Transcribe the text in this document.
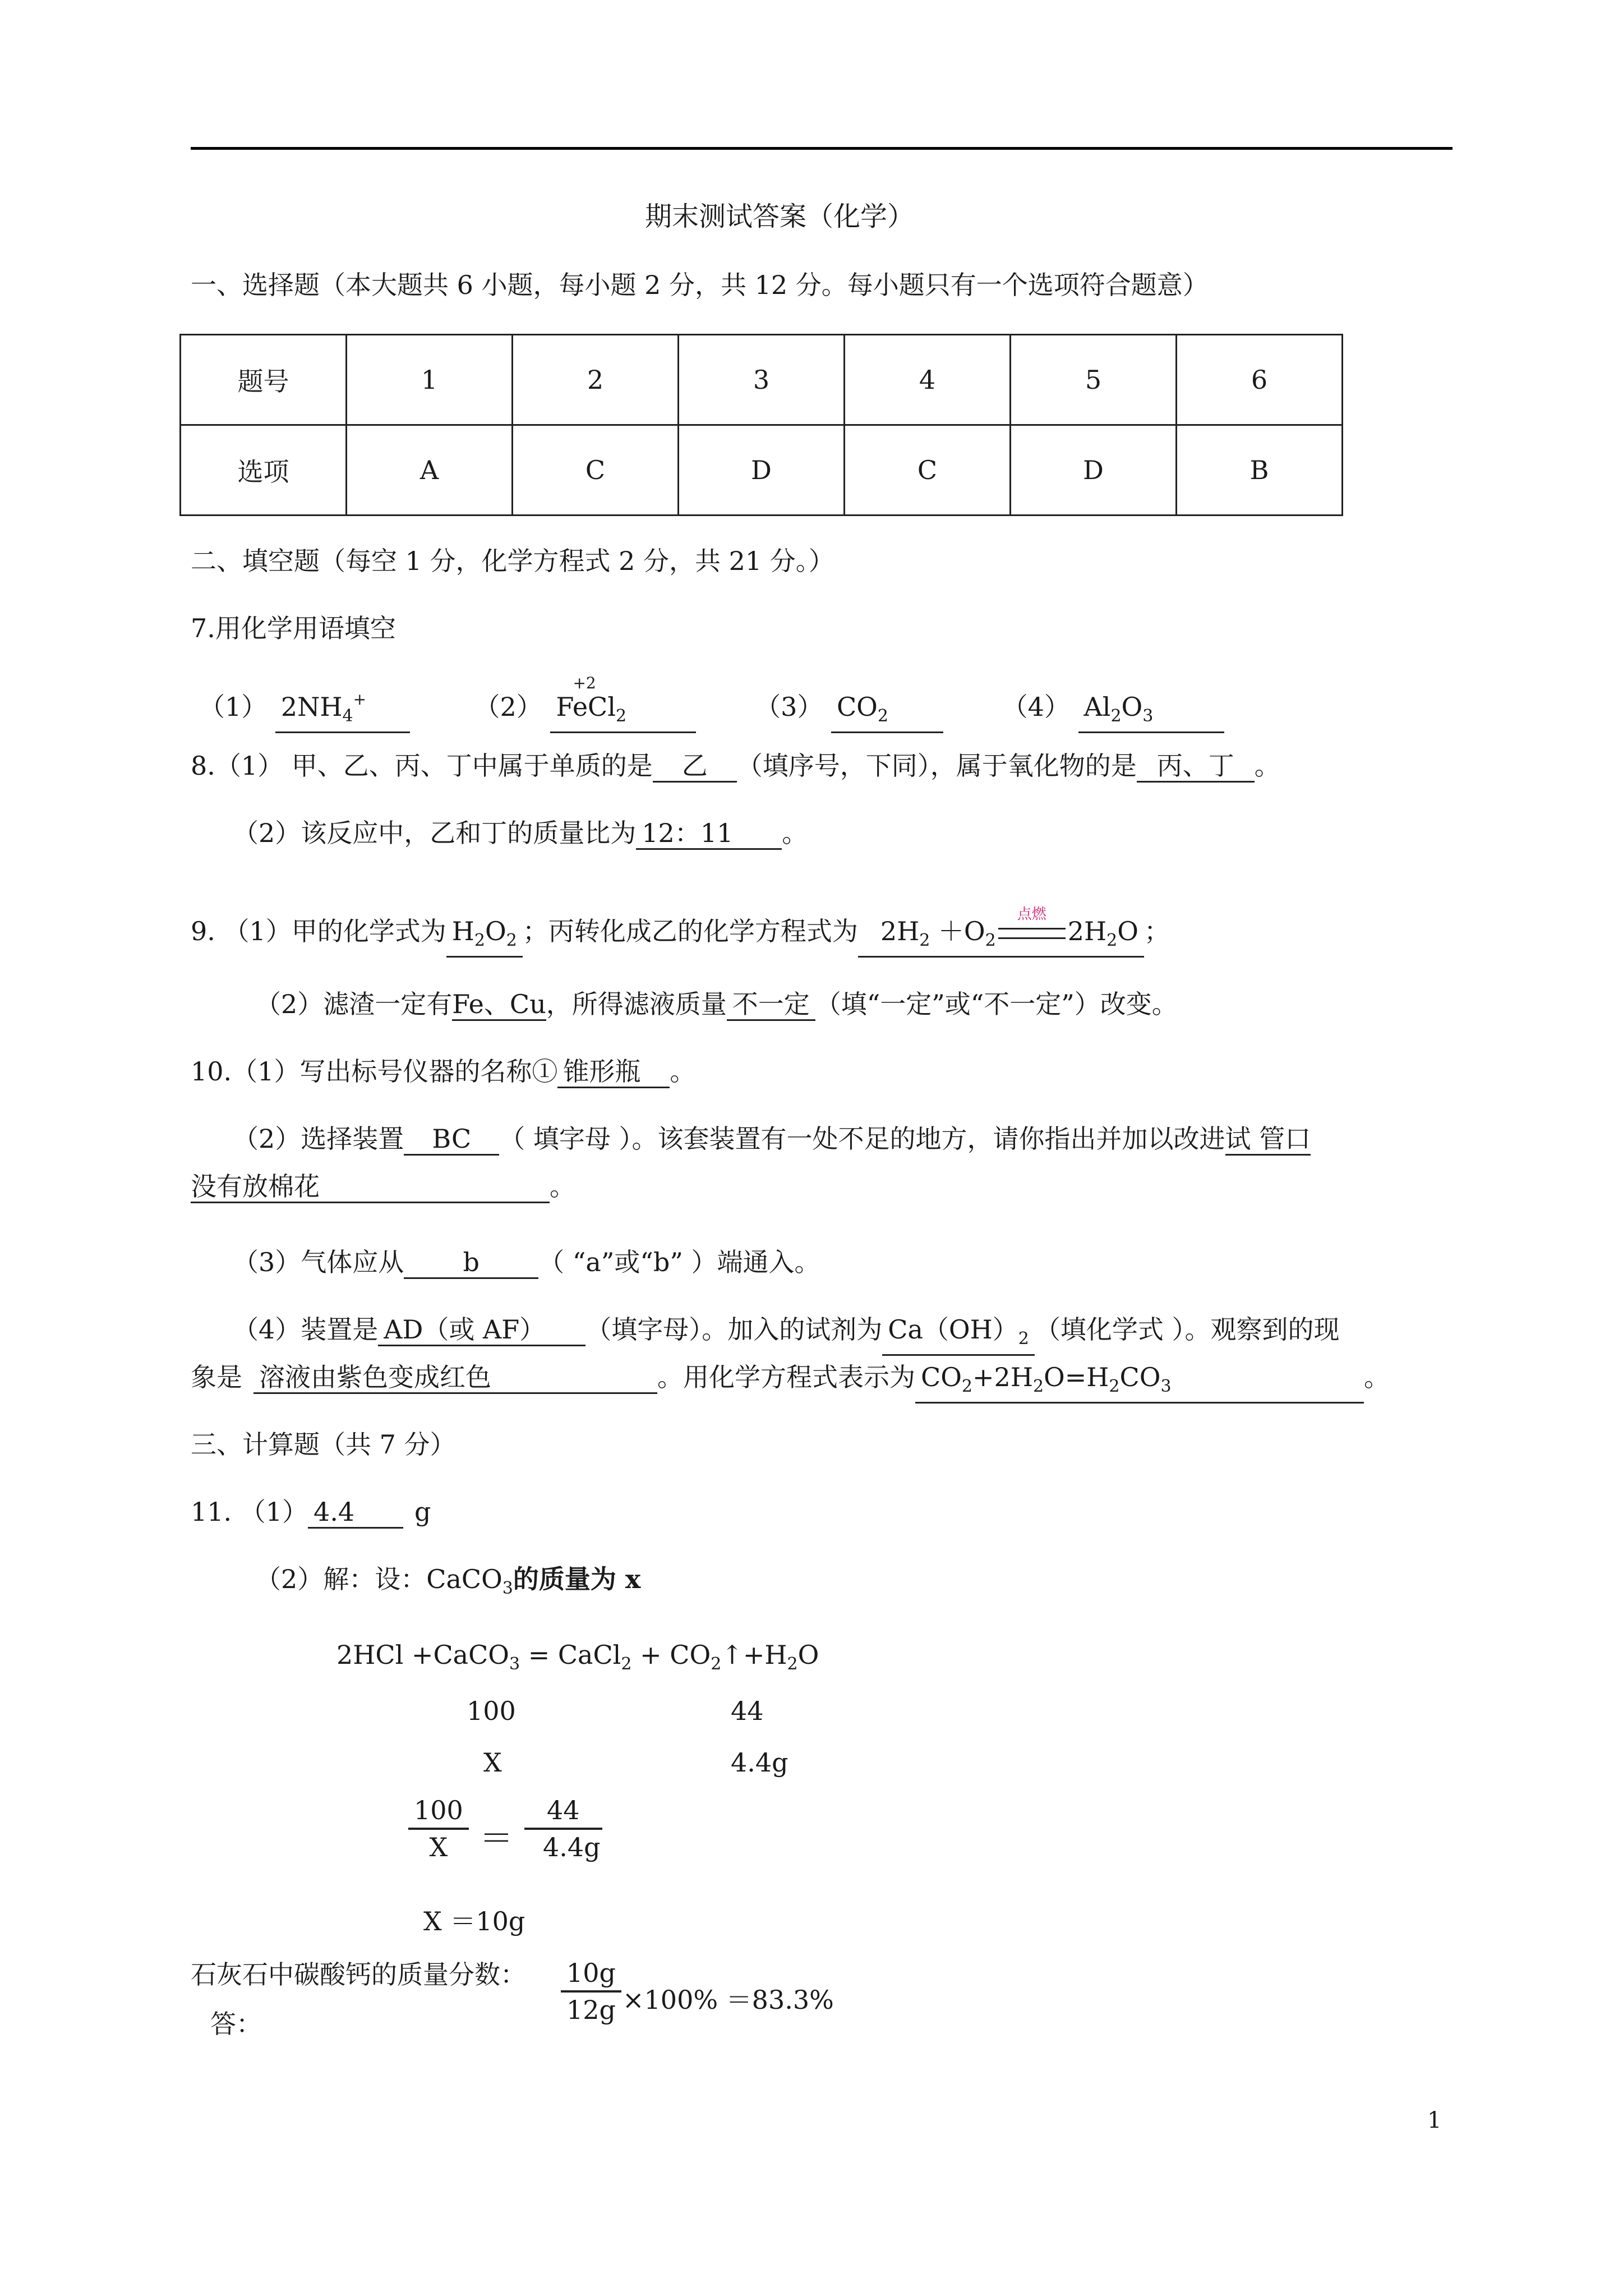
期末测试答案（化学）
一、选择题（本大题共 6 小题，每小题 2 分，共 12 分。每小题只有一个选项符合题意）
题号	1	2	3	4	5	6
选项	A	C	D	C	D	B
二、填空题（每空 1 分，化学方程式 2 分，共 21 分。）
7.用化学用语填空
（1） $2NH_4^+$	（2）
+2
FeCl$_2$	（3） $CO_2$	（4） $Al_2O_3$
8.（1） 甲、乙、丙、丁中属于单质的是 乙 （填序号，下同），属于氧化物的是 丙、丁 。
（2）该反应中，乙和丁的质量比为 12：11 。
9. （1）甲的化学式为 $H_2O_2$ ；丙转化成乙的化学方程式为 $2H_2 +O_2$
点燃
$2H_2O$ ；
（2）滤渣一定有Fe、Cu，所得滤液质量 不一定 （填“一定”或“不一定”）改变。
10.（1）写出标号仪器的名称① 锥形瓶 。
（2）选择装置 BC （ 填字母 ）。该套装置有一处不足的地方，请你指出并加以改进试 管口
没有放棉花	。
（3）气体应从 b （ “a”或“b” ）端通入。
（4）装置是 AD（或 AF） （填字母）。加入的试剂为 $Ca(OH)_2$ （填化学式 ）。观察到的现
象是 溶液由紫色变成红色	。用化学方程式表示为 $CO_2+2H_2O=H_2CO_3$	。
三、计算题（共 7 分）
11. （1） 4.4 g
（2）解：设：CaCO$_3$的质量为 x
2HCl +CaCO$_3$ = CaCl$_2$ + $CO_2↑+H_2O$
100	44
X	4.4g
$\frac{100}{X} = \frac{44}{4.4g}$
X ＝10g
石灰石中碳酸钙的质量分数： $\frac{10g}{12g} \times 100\% =83.3\%$
答：
1
